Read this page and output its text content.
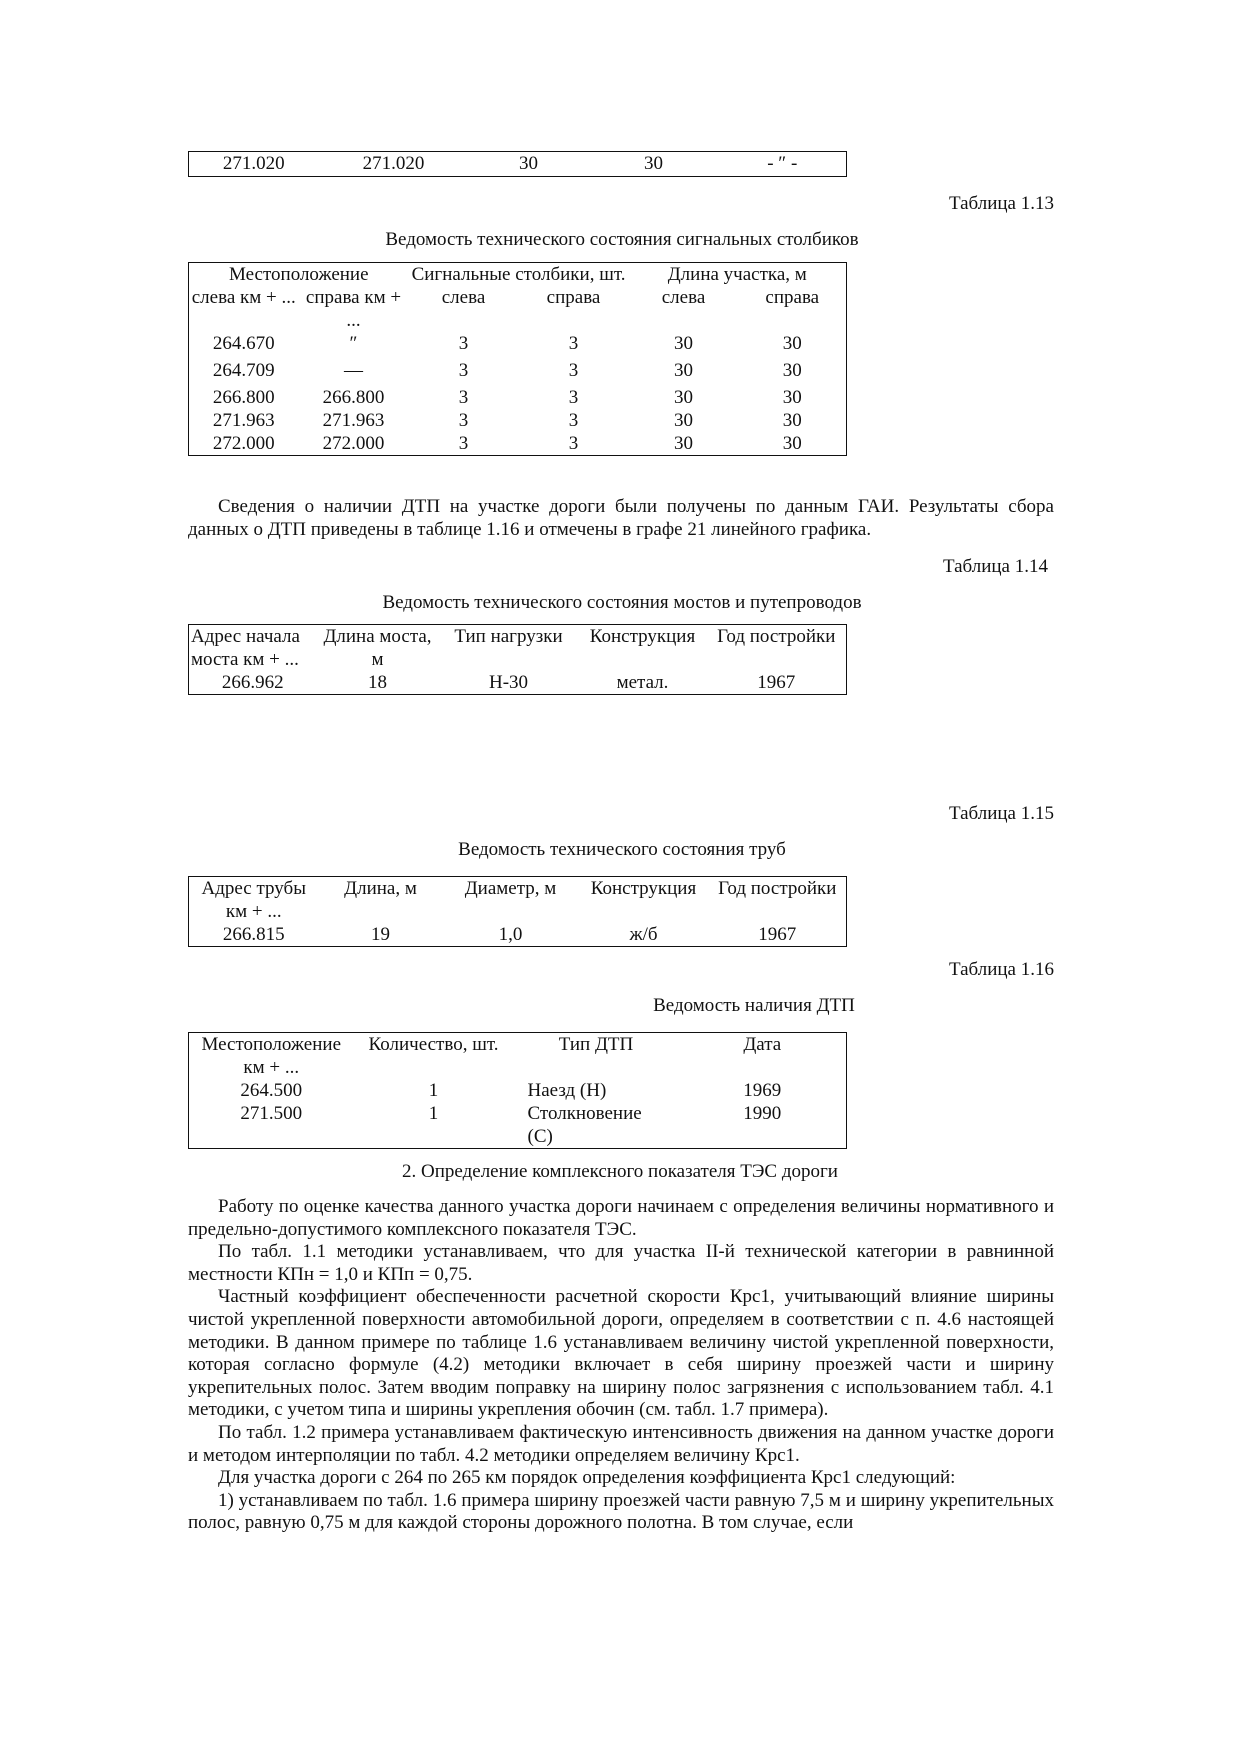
271.020	271.020	30	30	- ″ -
Таблица 1.13
Ведомость технического состояния сигнальных столбиков
Местоположение		Сигнальные столбики, шт.		Длина участка, м	
слева км + ...	справа км + ...	слева	справа	слева	справа
264.670	″	3	3	30	30
264.709	—	3	3	30	30
266.800	266.800	3	3	30	30
271.963	271.963	3	3	30	30
272.000	272.000	3	3	30	30

Сведения о наличии ДТП на участке дороги были получены по данным ГАИ. Результаты сбора данных о ДТП приведены в таблице 1.16 и отмечены в графе 21 линейного графика.

Таблица 1.14
Ведомость технического состояния мостов и путепроводов
Адрес начала моста км + ...	Длина моста, м	Тип нагрузки	Конструкция	Год постройки
266.962	18	Н-30	метал.	1967
Таблица 1.15
Ведомость технического состояния труб
Адрес трубы км + ...	Длина, м	Диаметр, м	Конструкция	Год постройки
266.815	19	1,0	ж/б	1967
Таблица 1.16
Ведомость наличия ДТП
Местоположение км + ...	Количество, шт.	Тип ДТП	Дата
264.500	1	Наезд (Н)	1969
271.500	1	Столкновение (С)	1990
2. Определение комплексного показателя ТЭС дороги

Работу по оценке качества данного участка дороги начинаем с определения величины нормативного и предельно-допустимого комплексного показателя ТЭС.

По табл. 1.1 методики устанавливаем, что для участка II-й технической категории в равнинной местности КПн = 1,0 и КПп = 0,75.

Частный коэффициент обеспеченности расчетной скорости Крс1, учитывающий влияние ширины чистой укрепленной поверхности автомобильной дороги, определяем в соответствии с п. 4.6 настоящей методики. В данном примере по таблице 1.6 устанавливаем величину чистой укрепленной поверхности, которая согласно формуле (4.2) методики включает в себя ширину проезжей части и ширину укрепительных полос. Затем вводим поправку на ширину полос загрязнения с использованием табл. 4.1 методики, с учетом типа и ширины укрепления обочин (см. табл. 1.7 примера).

По табл. 1.2 примера устанавливаем фактическую интенсивность движения на данном участке дороги и методом интерполяции по табл. 4.2 методики определяем величину Крс1.

Для участка дороги с 264 по 265 км порядок определения коэффициента Крс1 следующий:

1) устанавливаем по табл. 1.6 примера ширину проезжей части равную 7,5 м и ширину укрепительных полос, равную 0,75 м для каждой стороны дорожного полотна. В том случае, если
